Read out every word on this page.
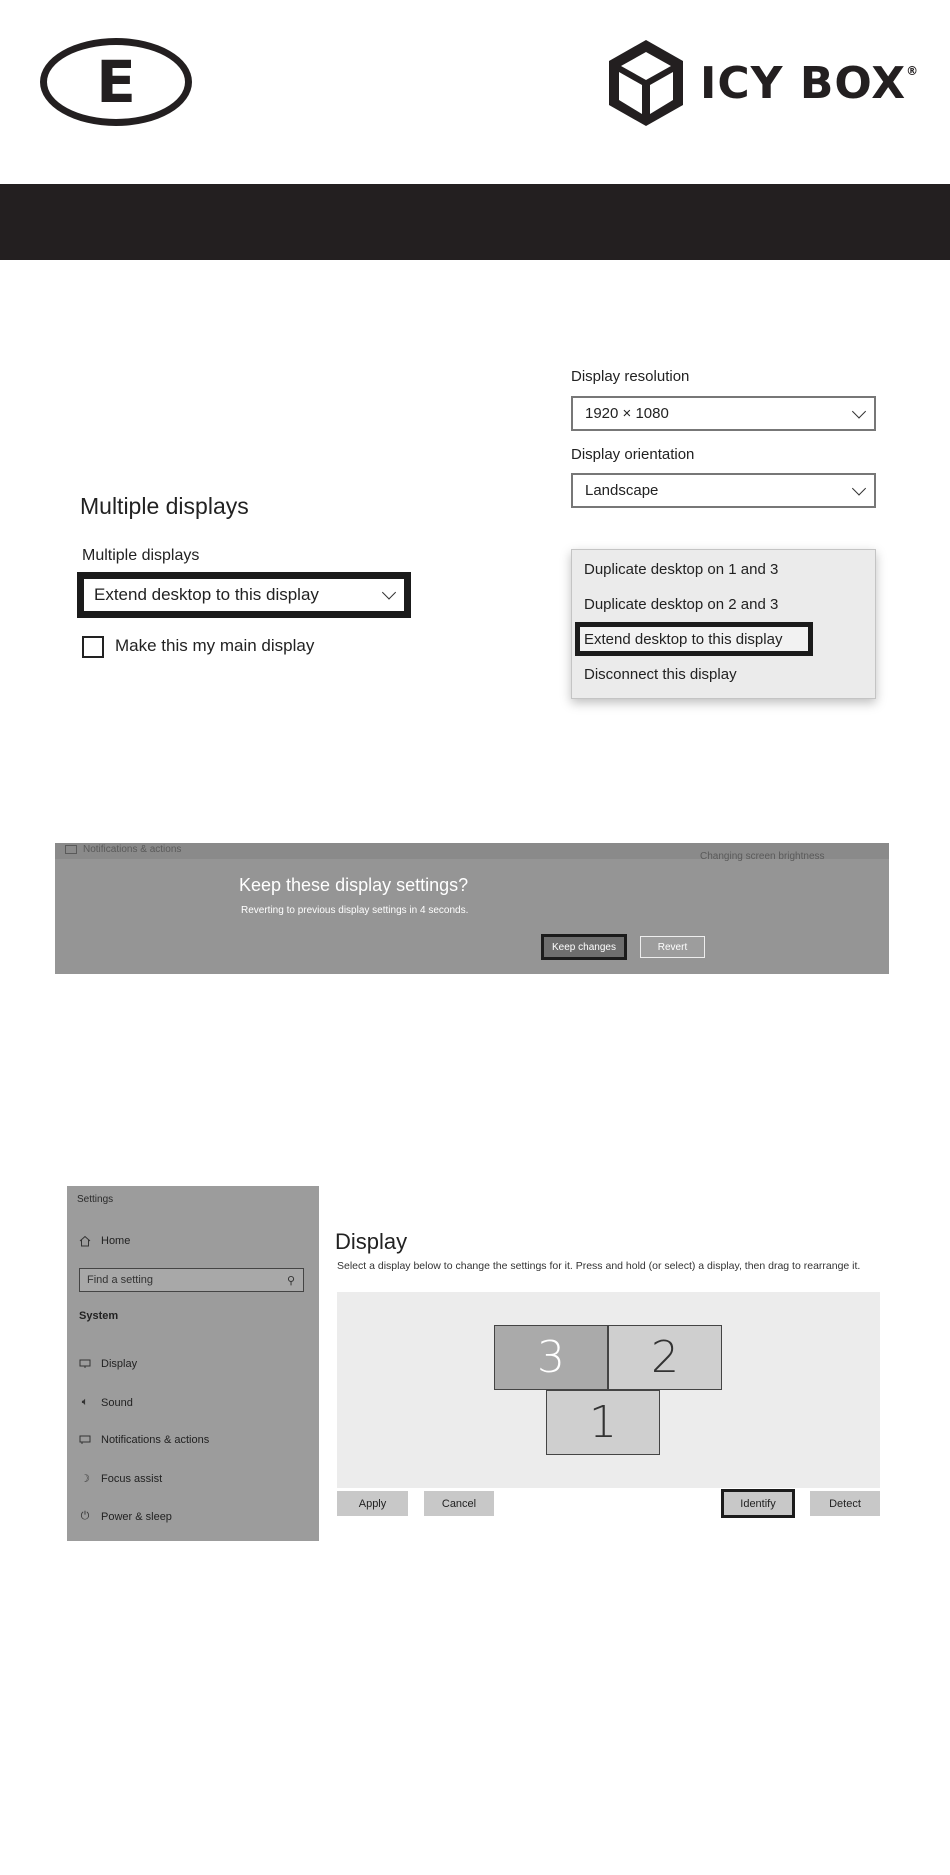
E	ICY BOX®
Multiple displays
Multiple displays
Extend desktop to this display
Make this my main display
Display resolution
1920 × 1080
Display orientation
Landscape
Duplicate desktop on 1 and 3
Duplicate desktop on 2 and 3
Extend desktop to this display
Disconnect this display
Notifications & actions
Changing screen brightness
Keep these display settings?
Reverting to previous display settings in 4 seconds.
Keep changes	Revert
Settings
Home
Find a setting	⚲
System
Display
🔈︎ Sound
Notifications & actions
☽ Focus assist
⏻ Power & sleep
Display
Select a display below to change the settings for it. Press and hold (or select) a display, then drag to rearrange it.
3	2
1
Apply	Cancel	Identify	Detect
